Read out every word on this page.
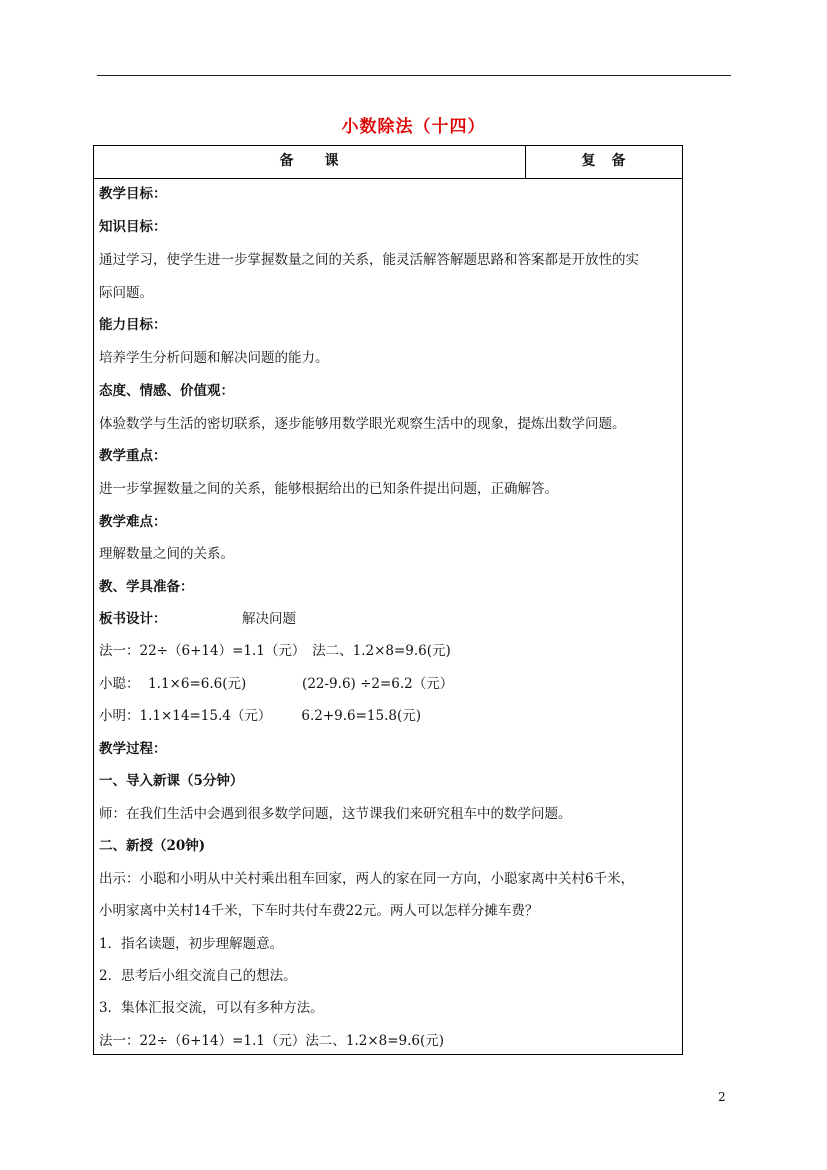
小数除法（十四）
备　　课	复　备
教学目标：
知识目标：
通过学习，使学生进一步掌握数量之间的关系，能灵活解答解题思路和答案都是开放性的实
际问题。
能力目标：
培养学生分析问题和解决问题的能力。
态度、情感、价值观：
体验数学与生活的密切联系，逐步能够用数学眼光观察生活中的现象，提炼出数学问题。
教学重点：
进一步掌握数量之间的关系，能够根据给出的已知条件提出问题，正确解答。
教学难点：
理解数量之间的关系。
教、学具准备：
板书设计：	解决问题
法一：22÷（6+14）=1.1（元）　法二、1.2×8=9.6(元)
小聪：  1.1×6=6.6(元)             (22-9.6) ÷2=6.2（元）
小明：1.1×14=15.4（元）       6.2+9.6=15.8(元)
教学过程：
一、导入新课（5分钟）
师：在我们生活中会遇到很多数学问题，这节课我们来研究租车中的数学问题。
二、新授（20钟)
出示：小聪和小明从中关村乘出租车回家，两人的家在同一方向，小聪家离中关村6千米，
小明家离中关村14千米，下车时共付车费22元。两人可以怎样分摊车费？
1．指名读题，初步理解题意。
2．思考后小组交流自己的想法。
3．集体汇报交流，可以有多种方法。
法一：22÷（6+14）=1.1（元）法二、1.2×8=9.6(元)
2
